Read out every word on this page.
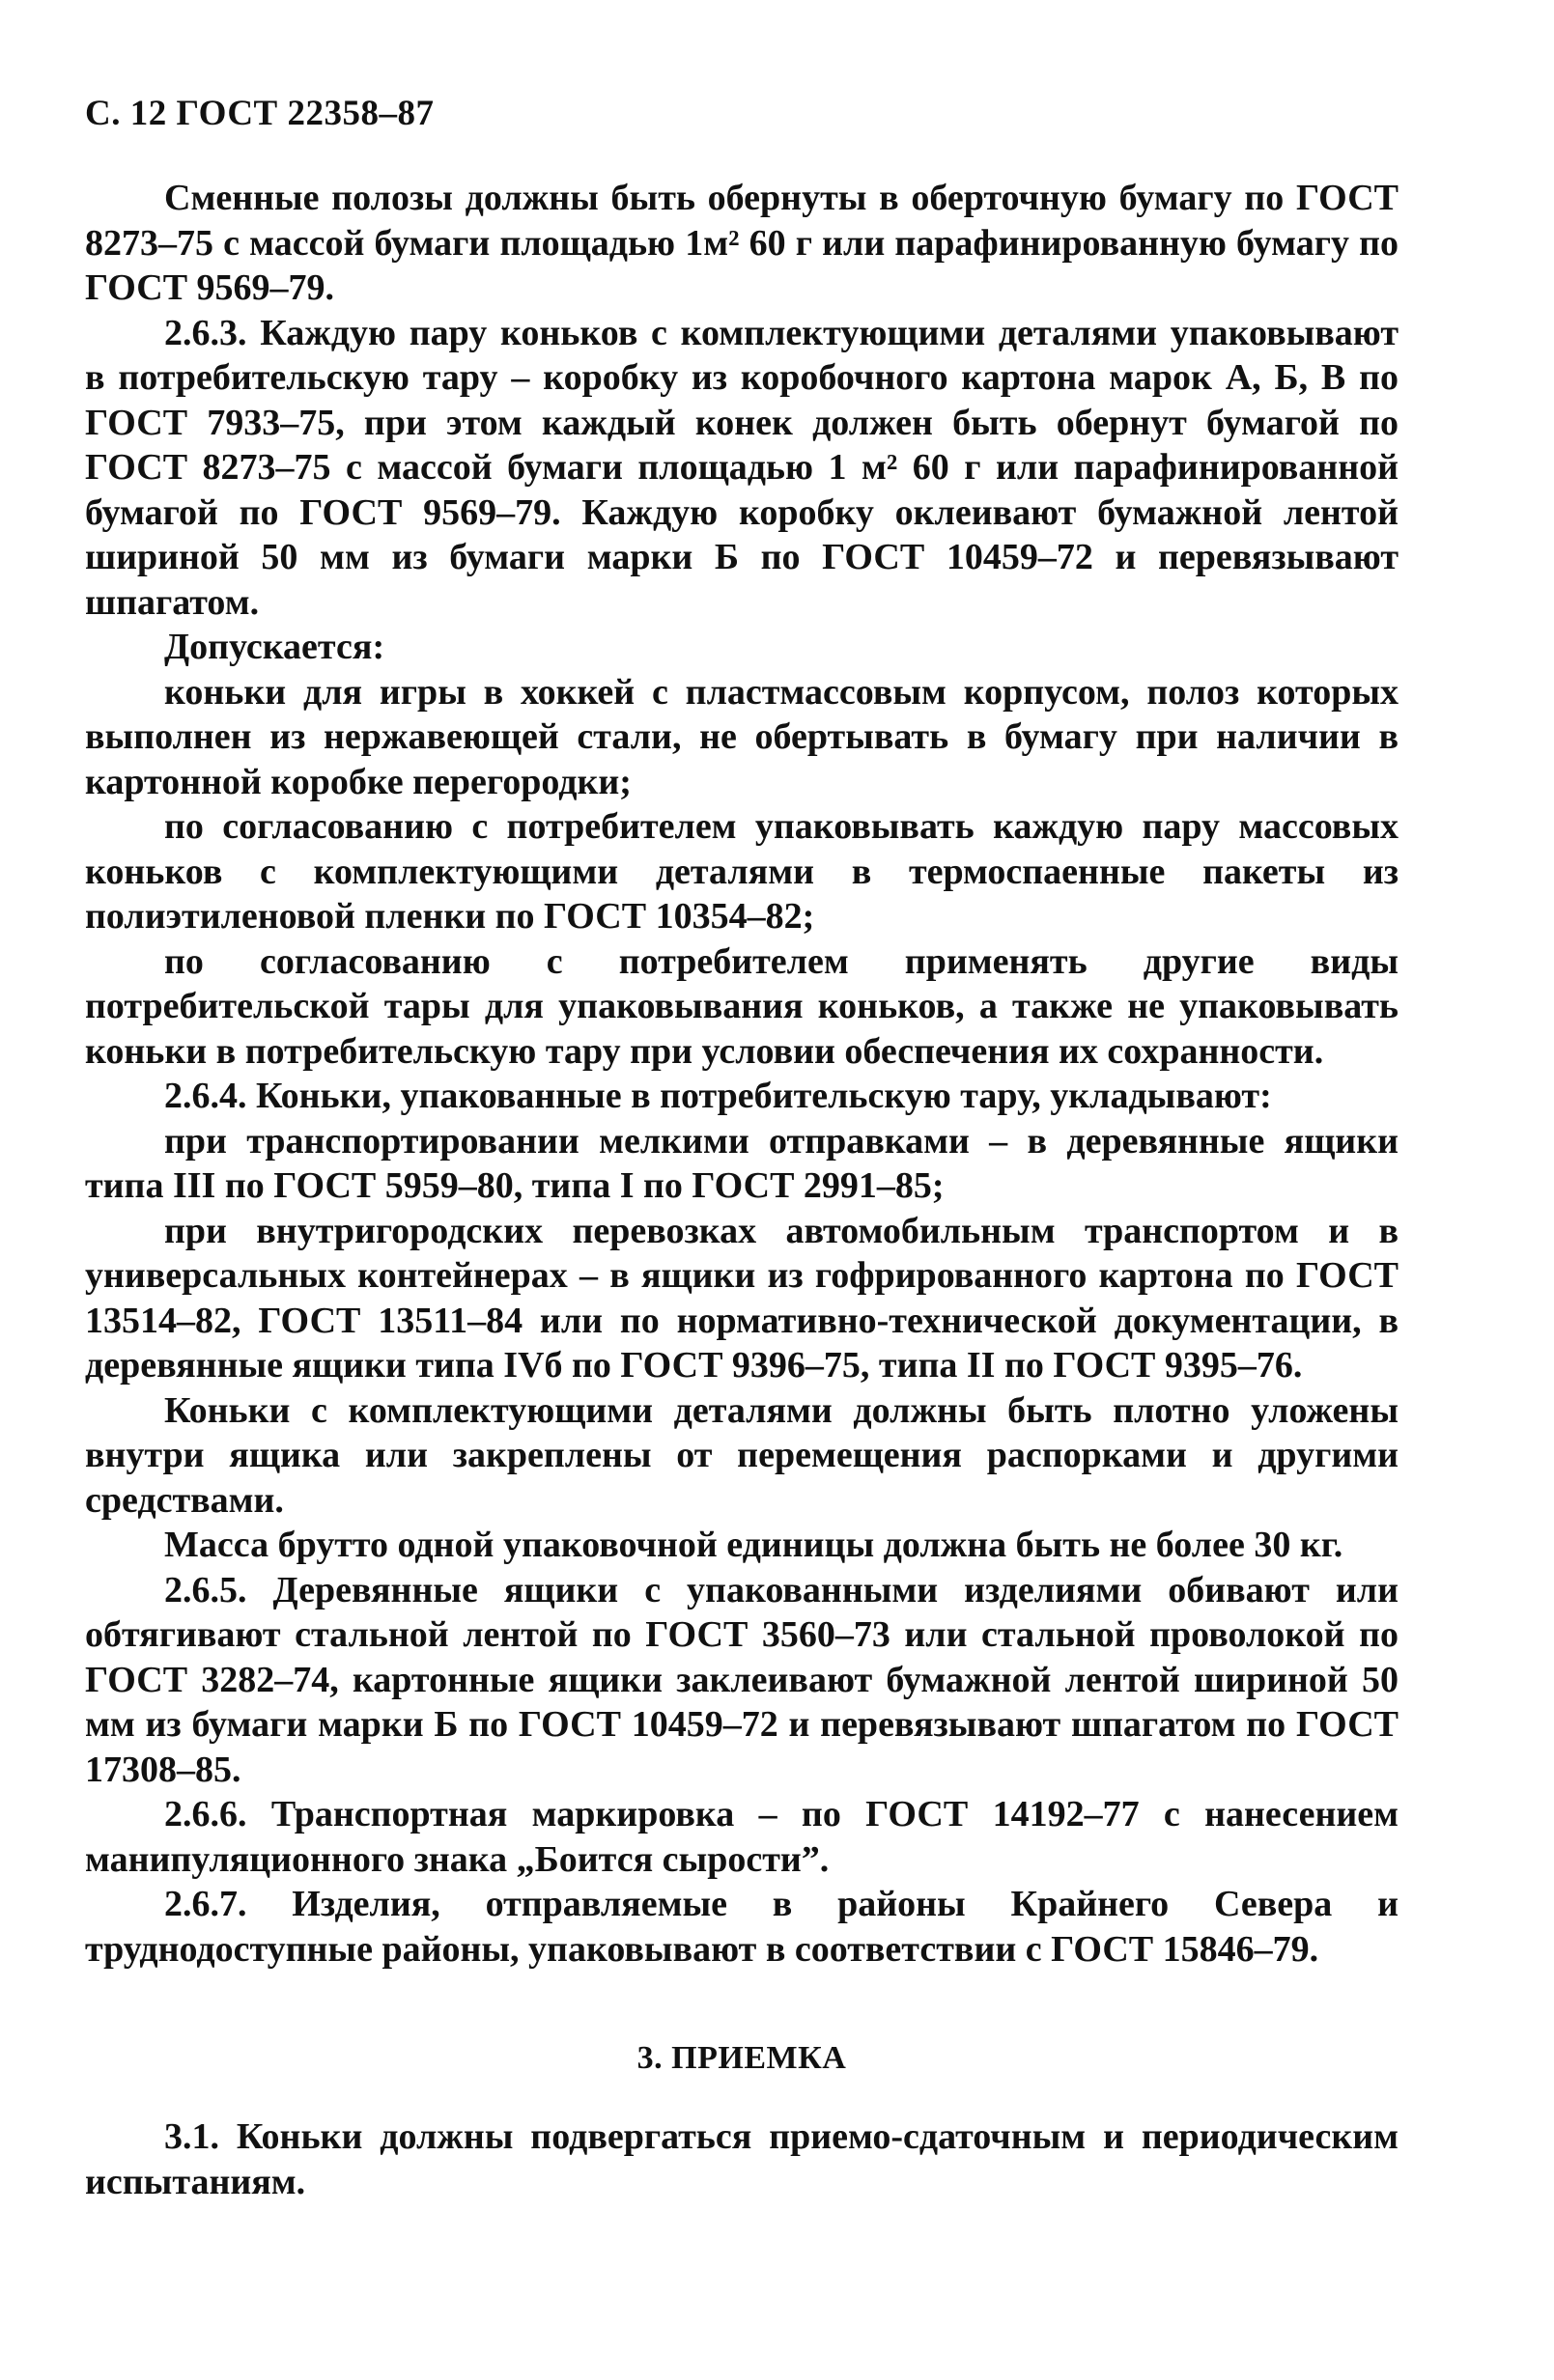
С. 12 ГОСТ 22358–87

Сменные полозы должны быть обернуты в оберточную бумагу по ГОСТ 8273–75 с массой бумаги площадью 1м² 60 г или парафинированную бумагу по ГОСТ 9569–79.

2.6.3. Каждую пару коньков с комплектующими деталями упаковывают в потребительскую тару – коробку из коробочного картона марок А, Б, В по ГОСТ 7933–75, при этом каждый конек должен быть обернут бумагой по ГОСТ 8273–75 с массой бумаги площадью 1 м² 60 г или парафинированной бумагой по ГОСТ 9569–79. Каждую коробку оклеивают бумажной лентой шириной 50 мм из бумаги марки Б по ГОСТ 10459–72 и перевязывают шпагатом.

Допускается:

коньки для игры в хоккей с пластмассовым корпусом, полоз которых выполнен из нержавеющей стали, не обертывать в бумагу при наличии в картонной коробке перегородки;

по согласованию с потребителем упаковывать каждую пару массовых коньков с комплектующими деталями в термоспаенные пакеты из полиэтиленовой пленки по ГОСТ 10354–82;

по согласованию с потребителем применять другие виды потребительской тары для упаковывания коньков, а также не упаковывать коньки в потребительскую тару при условии обеспечения их сохранности.

2.6.4. Коньки, упакованные в потребительскую тару, укладывают:

при транспортировании мелкими отправками – в деревянные ящики типа III по ГОСТ 5959–80, типа I по ГОСТ 2991–85;

при внутригородских перевозках автомобильным транспортом и в универсальных контейнерах – в ящики из гофрированного картона по ГОСТ 13514–82, ГОСТ 13511–84 или по нормативно-технической документации, в деревянные ящики типа IVб по ГОСТ 9396–75, типа II по ГОСТ 9395–76.

Коньки с комплектующими деталями должны быть плотно уложены внутри ящика или закреплены от перемещения распорками и другими средствами.

Масса брутто одной упаковочной единицы должна быть не более 30 кг.

2.6.5. Деревянные ящики с упакованными изделиями обивают или обтягивают стальной лентой по ГОСТ 3560–73 или стальной проволокой по ГОСТ 3282–74, картонные ящики заклеивают бумажной лентой шириной 50 мм из бумаги марки Б по ГОСТ 10459–72 и перевязывают шпагатом по ГОСТ 17308–85.

2.6.6. Транспортная маркировка – по ГОСТ 14192–77 с нанесением манипуляционного знака „Боится сырости”.

2.6.7. Изделия, отправляемые в районы Крайнего Севера и труднодоступные районы, упаковывают в соответствии с ГОСТ 15846–79.

3. ПРИЕМКА

3.1. Коньки должны подвергаться приемо-сдаточным и периодическим испытаниям.
